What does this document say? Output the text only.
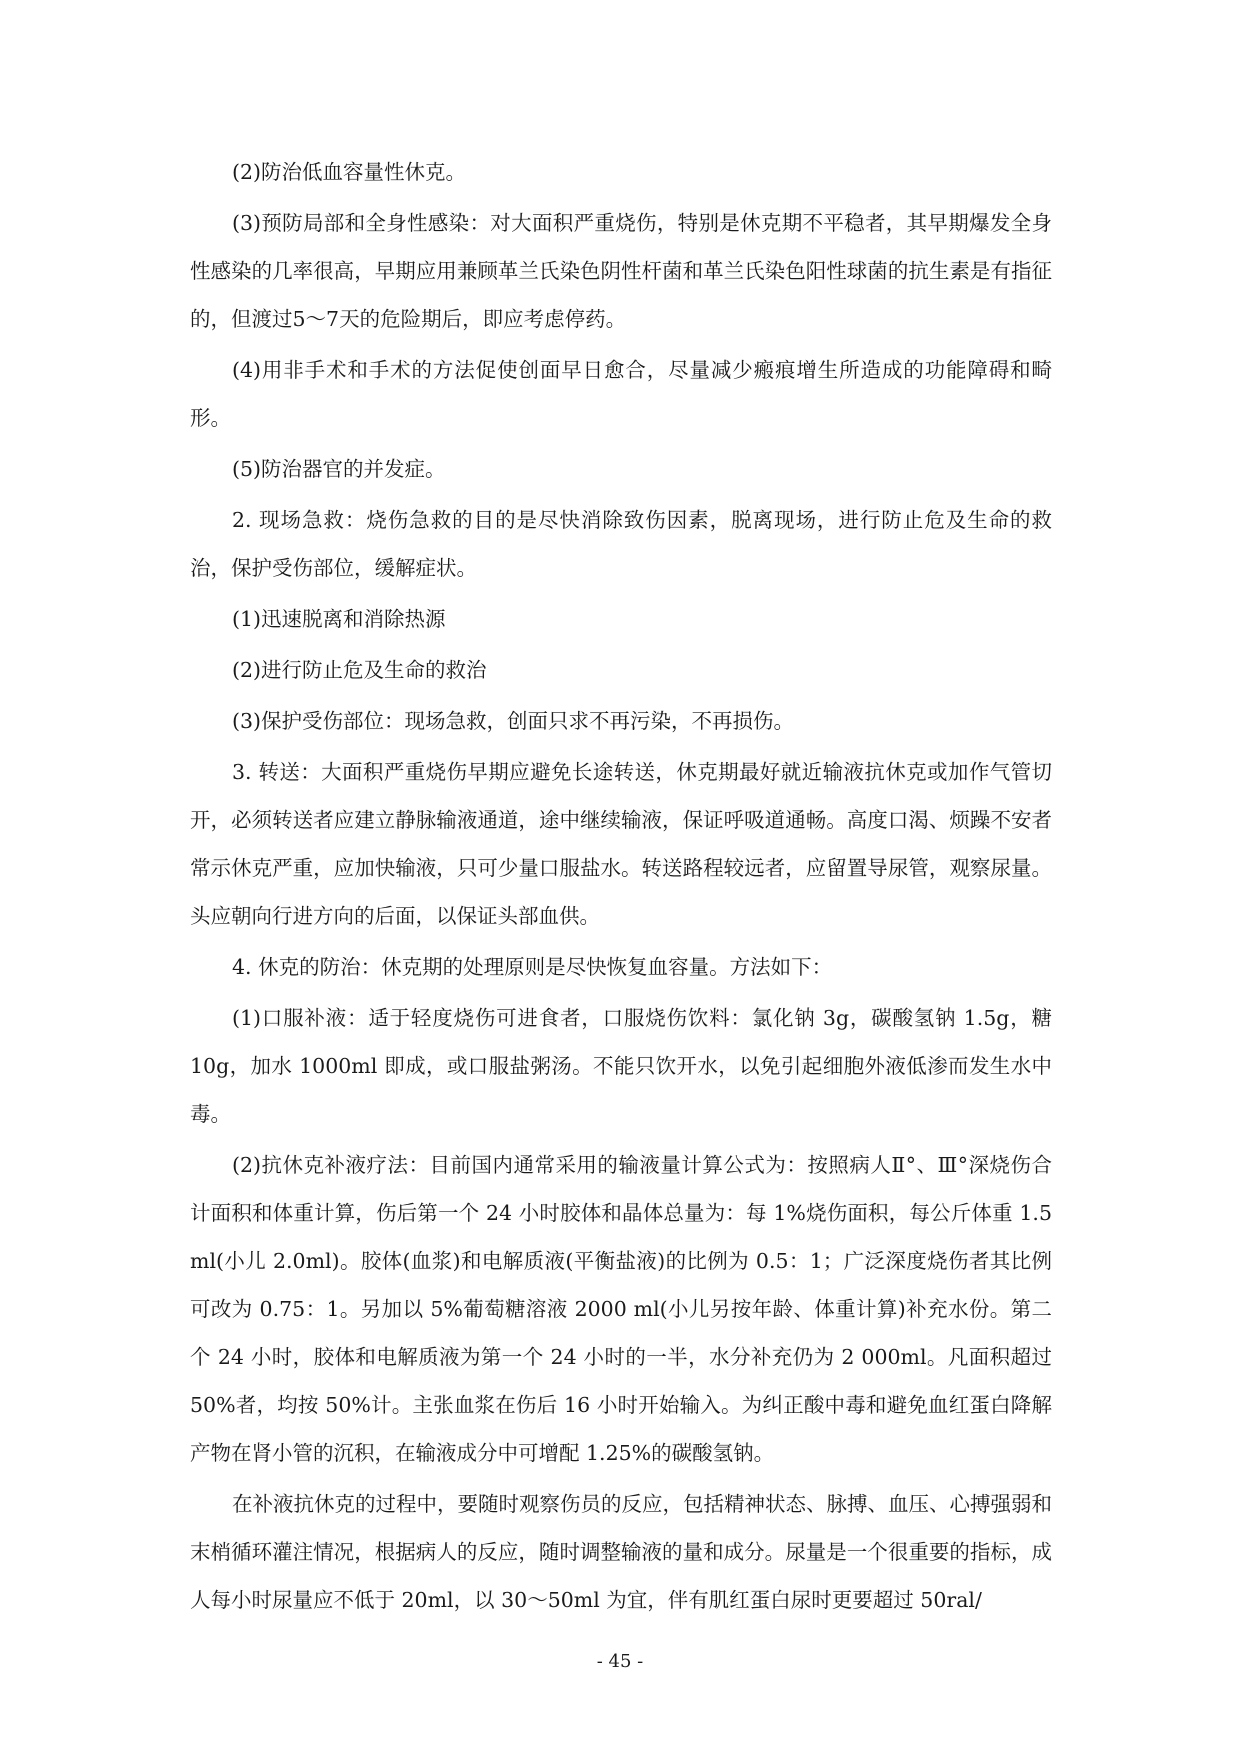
(2)防治低血容量性休克。

(3)预防局部和全身性感染：对大面积严重烧伤，特别是休克期不平稳者，其早期爆发全身性感染的几率很高，早期应用兼顾革兰氏染色阴性杆菌和革兰氏染色阳性球菌的抗生素是有指征的，但渡过5～7天的危险期后，即应考虑停药。

(4)用非手术和手术的方法促使创面早日愈合，尽量减少瘢痕增生所造成的功能障碍和畸形。

(5)防治器官的并发症。

2. 现场急救：烧伤急救的目的是尽快消除致伤因素，脱离现场，进行防止危及生命的救治，保护受伤部位，缓解症状。

(1)迅速脱离和消除热源

(2)进行防止危及生命的救治

(3)保护受伤部位：现场急救，创面只求不再污染，不再损伤。

3. 转送：大面积严重烧伤早期应避免长途转送，休克期最好就近输液抗休克或加作气管切开，必须转送者应建立静脉输液通道，途中继续输液，保证呼吸道通畅。高度口渴、烦躁不安者常示休克严重，应加快输液，只可少量口服盐水。转送路程较远者，应留置导尿管，观察尿量。头应朝向行进方向的后面，以保证头部血供。

4. 休克的防治：休克期的处理原则是尽快恢复血容量。方法如下：

(1)口服补液：适于轻度烧伤可进食者，口服烧伤饮料：氯化钠 3g，碳酸氢钠 1.5g，糖 10g，加水 1000ml 即成，或口服盐粥汤。不能只饮开水，以免引起细胞外液低渗而发生水中毒。

(2)抗休克补液疗法：目前国内通常采用的输液量计算公式为：按照病人Ⅱ°、Ⅲ°深烧伤合计面积和体重计算，伤后第一个 24 小时胶体和晶体总量为：每 1%烧伤面积，每公斤体重 1.5 ml(小儿 2.0ml)。胶体(血浆)和电解质液(平衡盐液)的比例为 0.5：1；广泛深度烧伤者其比例可改为 0.75：1。另加以 5%葡萄糖溶液 2000 ml(小儿另按年龄、体重计算)补充水份。第二个 24 小时，胶体和电解质液为第一个 24 小时的一半，水分补充仍为 2 000ml。凡面积超过 50%者，均按 50%计。主张血浆在伤后 16 小时开始输入。为纠正酸中毒和避免血红蛋白降解产物在肾小管的沉积，在输液成分中可增配 1.25%的碳酸氢钠。

在补液抗休克的过程中，要随时观察伤员的反应，包括精神状态、脉搏、血压、心搏强弱和末梢循环灌注情况，根据病人的反应，随时调整输液的量和成分。尿量是一个很重要的指标，成人每小时尿量应不低于 20ml，以 30～50ml 为宜，伴有肌红蛋白尿时更要超过 50ral/

- 45 -
